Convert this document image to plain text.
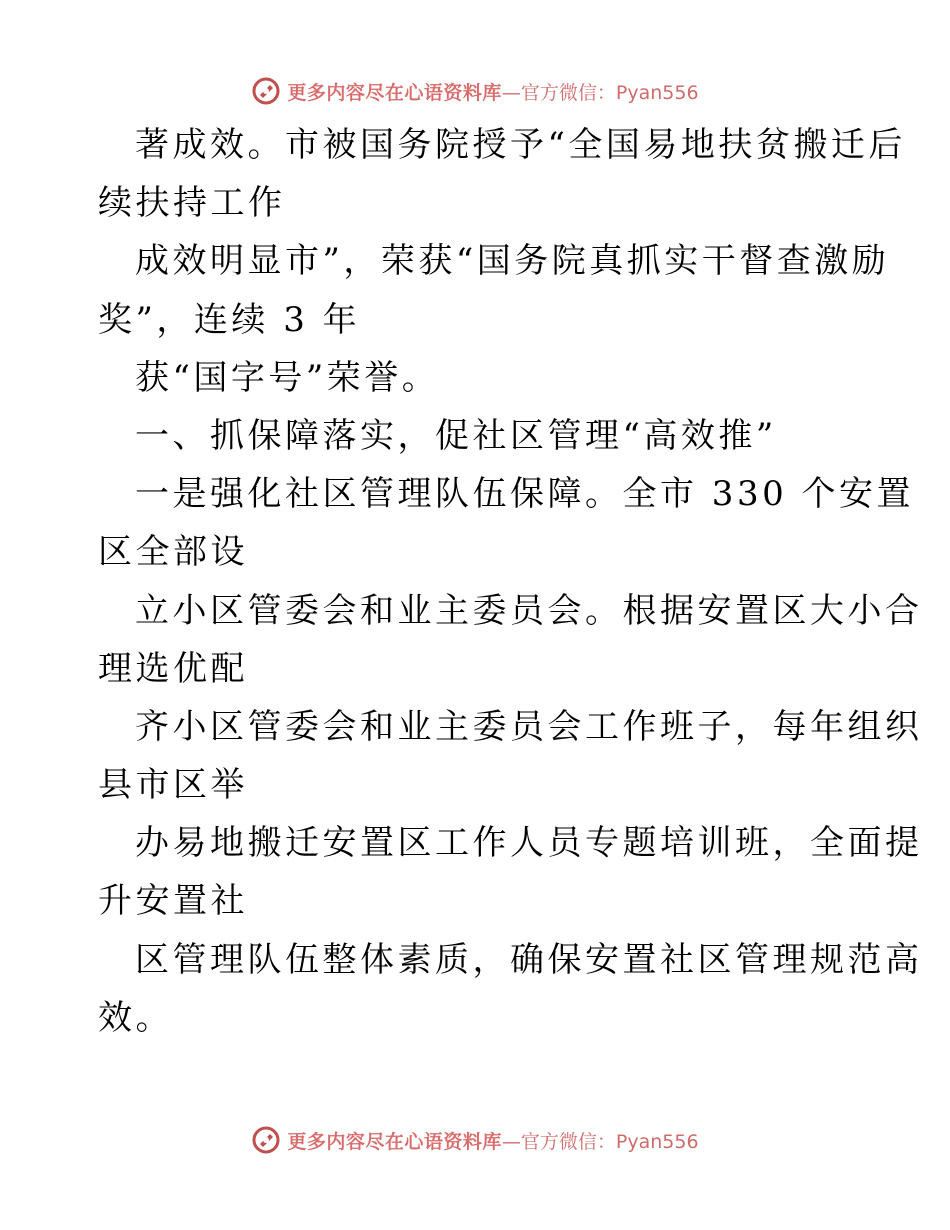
更多内容尽在心语资料库 —官方微信：Pyan556
著成效。市被国务院授予“全国易地扶贫搬迁后
续扶持工作
成效明显市”，荣获“国务院真抓实干督查激励
奖”，连续 3 年
获“国字号”荣誉。
一、抓保障落实，促社区管理“高效推”
一是强化社区管理队伍保障。全市 330 个安置
区全部设
立小区管委会和业主委员会。根据安置区大小合
理选优配
齐小区管委会和业主委员会工作班子，每年组织
县市区举
办易地搬迁安置区工作人员专题培训班，全面提
升安置社
区管理队伍整体素质，确保安置社区管理规范高
效。
更多内容尽在心语资料库 —官方微信：Pyan556
